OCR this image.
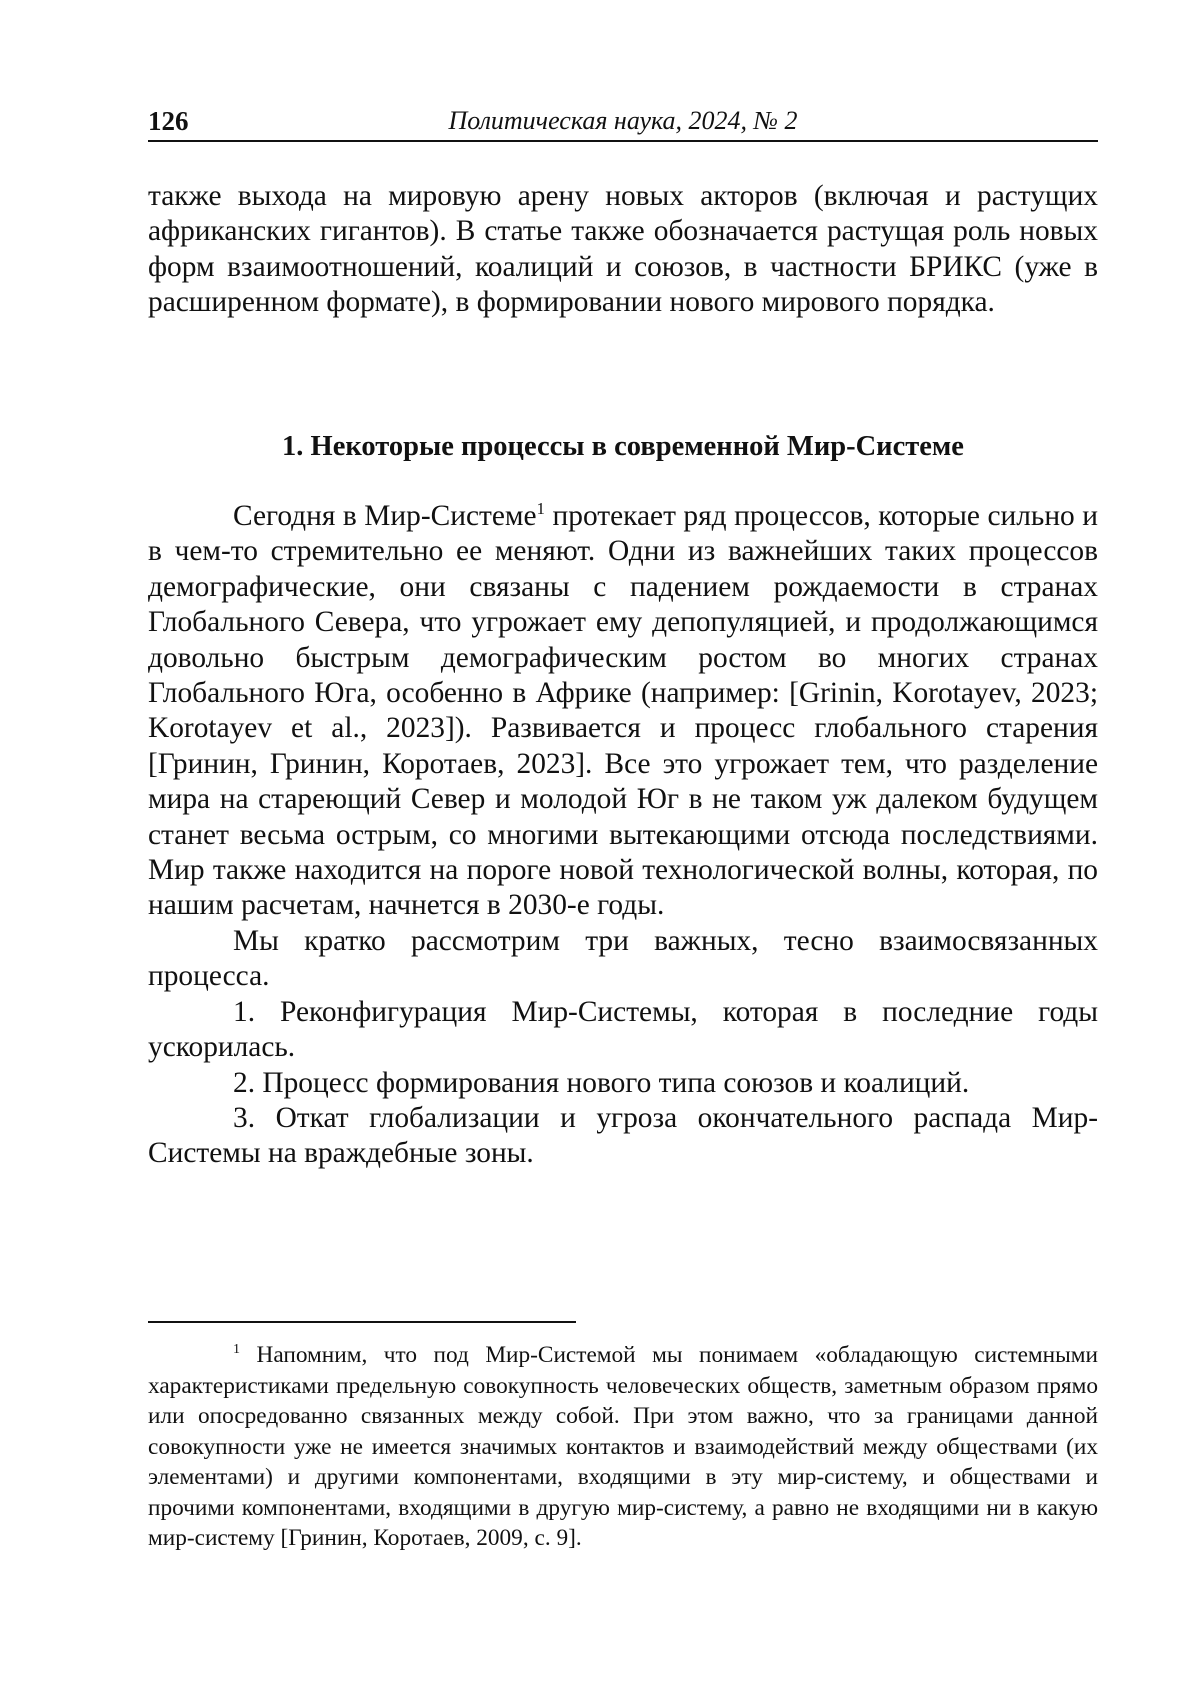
126	Политическая наука, 2024, № 2

также выхода на мировую арену новых акторов (включая и растущих африканских гигантов). В статье также обозначается растущая роль новых форм взаимоотношений, коалиций и союзов, в частности БРИКС (уже в расширенном формате), в формировании нового мирового порядка.

1. Некоторые процессы в современной Мир-Системе

Сегодня в Мир-Системе$^1$ протекает ряд процессов, которые сильно и в чем-то стремительно ее меняют. Одни из важнейших таких процессов демографические, они связаны с падением рождаемости в странах Глобального Севера, что угрожает ему депопуляцией, и продолжающимся довольно быстрым демографическим ростом во многих странах Глобального Юга, особенно в Африке (например: [Grinin, Korotayev, 2023; Korotayev et al., 2023]). Развивается и процесс глобального старения [Гринин, Гринин, Коротаев, 2023]. Все это угрожает тем, что разделение мира на стареющий Север и молодой Юг в не таком уж далеком будущем станет весьма острым, со многими вытекающими отсюда последствиями. Мир также находится на пороге новой технологической волны, которая, по нашим расчетам, начнется в 2030-е годы.

Мы кратко рассмотрим три важных, тесно взаимосвязанных процесса.

1. Реконфигурация Мир-Системы, которая в последние годы ускорилась.

2. Процесс формирования нового типа союзов и коалиций.

3. Откат глобализации и угроза окончательного распада Мир-Системы на враждебные зоны.

$^1$ Напомним, что под Мир-Системой мы понимаем «обладающую системными характеристиками предельную совокупность человеческих обществ, заметным образом прямо или опосредованно связанных между собой. При этом важно, что за границами данной совокупности уже не имеется значимых контактов и взаимодействий между обществами (их элементами) и другими компонентами, входящими в эту мир-систему, и обществами и прочими компонентами, входящими в другую мир-систему, а равно не входящими ни в какую мир-систему [Гринин, Коротаев, 2009, с. 9].
